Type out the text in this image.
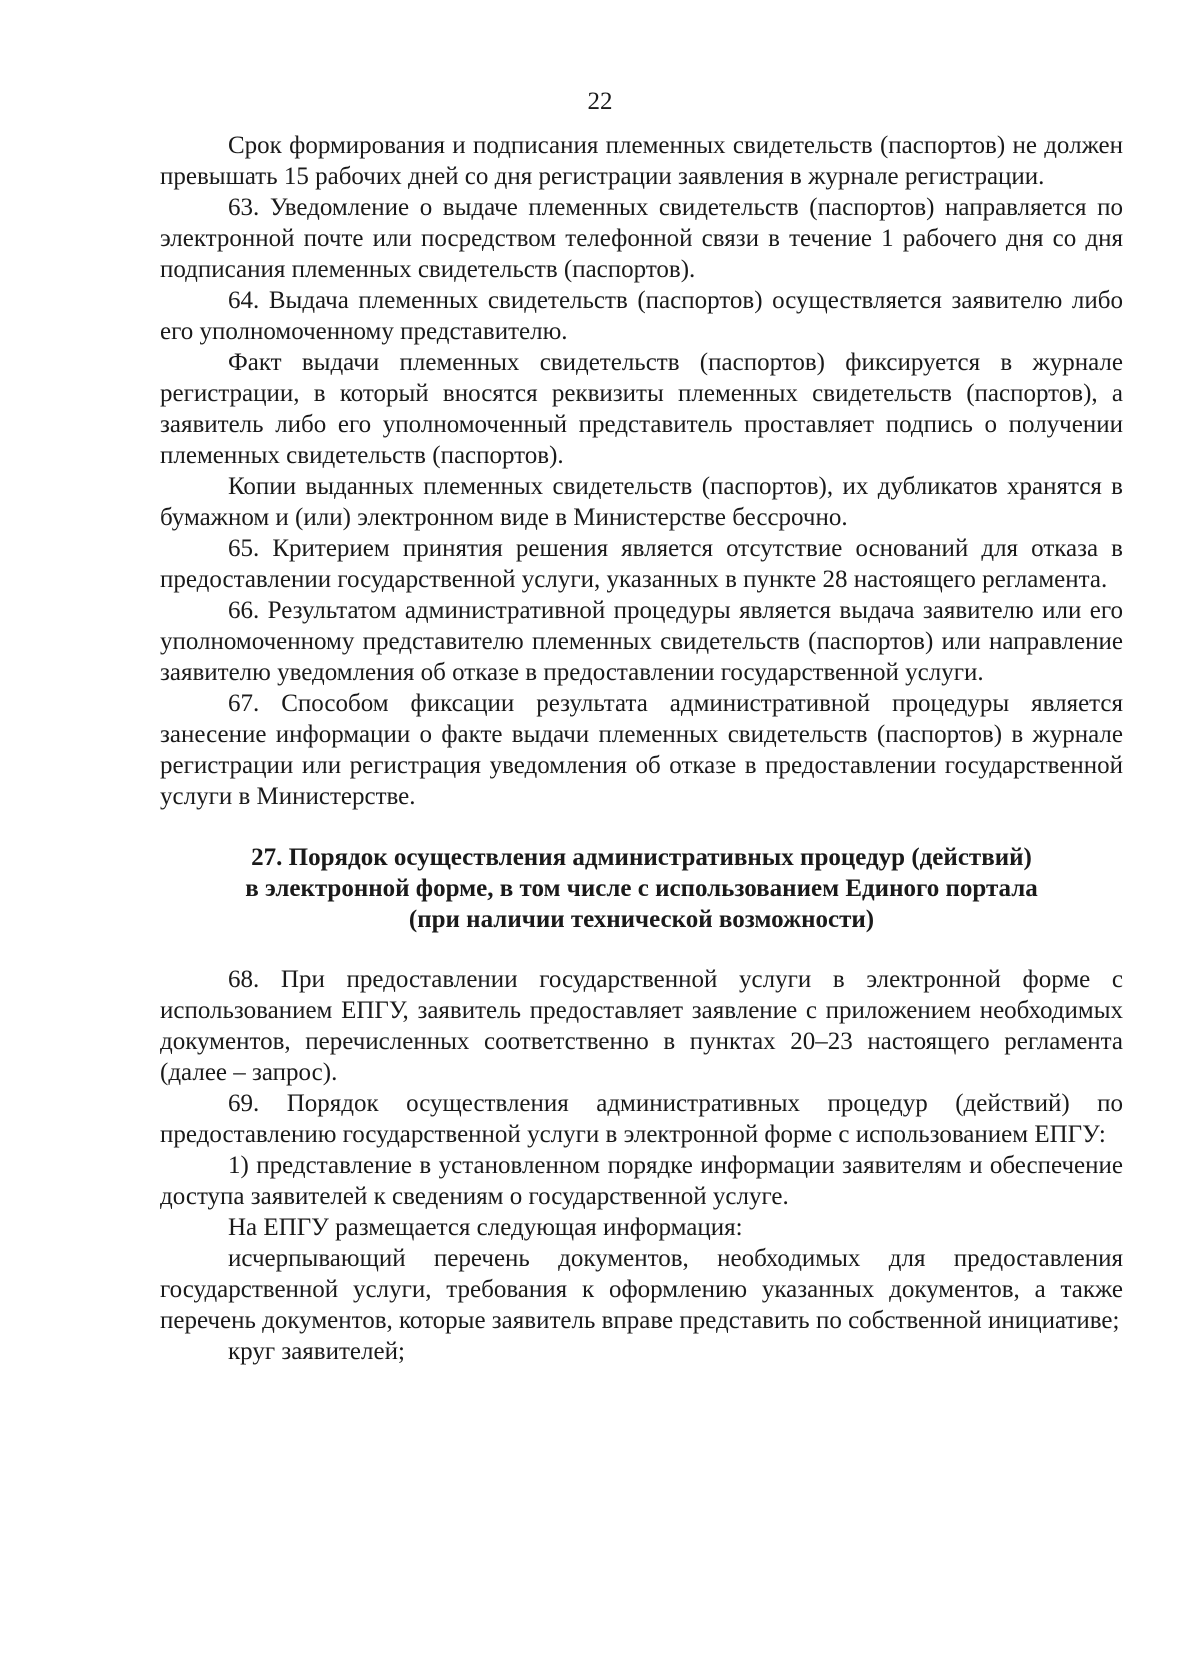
22

Срок формирования и подписания племенных свидетельств (паспортов) не должен превышать 15 рабочих дней со дня регистрации заявления в журнале регистрации.

63. Уведомление о выдаче племенных свидетельств (паспортов) направляется по электронной почте или посредством телефонной связи в течение 1 рабочего дня со дня подписания племенных свидетельств (паспортов).

64. Выдача племенных свидетельств (паспортов) осуществляется заявителю либо его уполномоченному представителю.

Факт выдачи племенных свидетельств (паспортов) фиксируется в журнале регистрации, в который вносятся реквизиты племенных свидетельств (паспортов), а заявитель либо его уполномоченный представитель проставляет подпись о получении племенных свидетельств (паспортов).

Копии выданных племенных свидетельств (паспортов), их дубликатов хранятся в бумажном и (или) электронном виде в Министерстве бессрочно.

65. Критерием принятия решения является отсутствие оснований для отказа в предоставлении государственной услуги, указанных в пункте 28 настоящего регламента.

66. Результатом административной процедуры является выдача заявителю или его уполномоченному представителю племенных свидетельств (паспортов) или направление заявителю уведомления об отказе в предоставлении государственной услуги.

67. Способом фиксации результата административной процедуры является занесение информации о факте выдачи племенных свидетельств (паспортов) в журнале регистрации или регистрация уведомления об отказе в предоставлении государственной услуги в Министерстве.

27. Порядок осуществления административных процедур (действий)
в электронной форме, в том числе с использованием Единого портала
(при наличии технической возможности)

68. При предоставлении государственной услуги в электронной форме с использованием ЕПГУ, заявитель предоставляет заявление с приложением необходимых документов, перечисленных соответственно в пунктах 20–23 настоящего регламента (далее – запрос).

69. Порядок осуществления административных процедур (действий) по предоставлению государственной услуги в электронной форме с использованием ЕПГУ:

1) представление в установленном порядке информации заявителям и обеспечение доступа заявителей к сведениям о государственной услуге.

На ЕПГУ размещается следующая информация:

исчерпывающий перечень документов, необходимых для предоставления государственной услуги, требования к оформлению указанных документов, а также перечень документов, которые заявитель вправе представить по собственной инициативе;

круг заявителей;
